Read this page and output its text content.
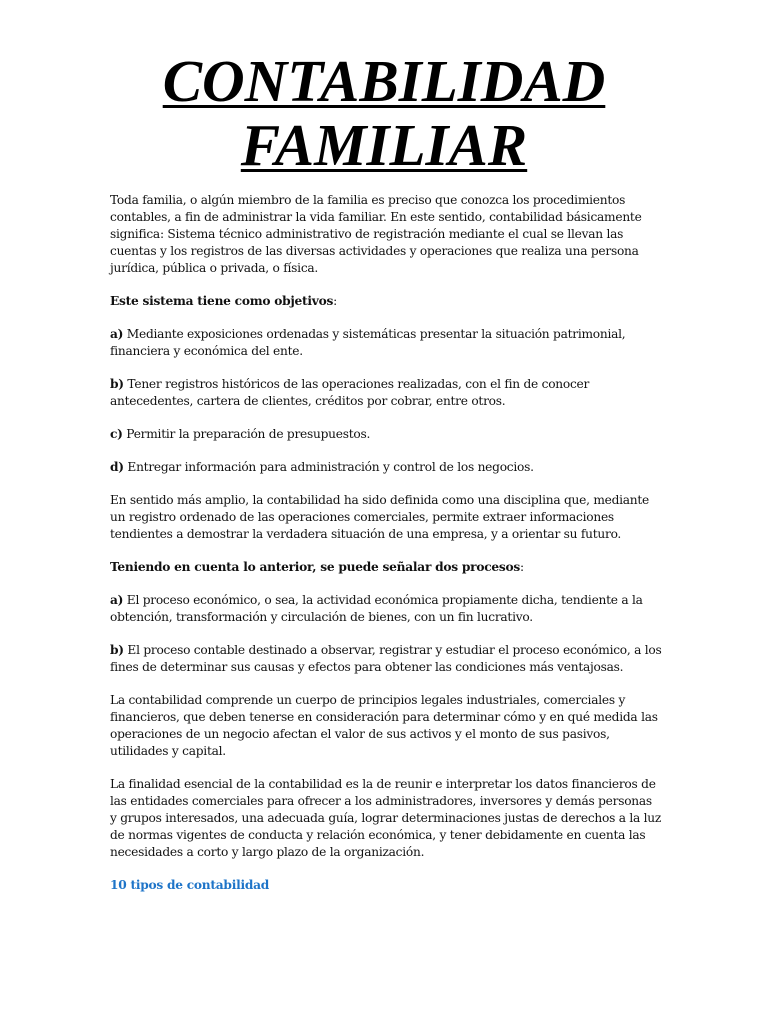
CONTABILIDAD
FAMILIAR

Toda familia, o algún miembro de la familia es preciso que conozca los procedimientos contables, a fin de administrar la vida familiar. En este sentido, contabilidad básicamente significa: Sistema técnico administrativo de registración mediante el cual se llevan las cuentas y los registros de las diversas actividades y operaciones que realiza una persona jurídica, pública o privada, o física.

Este sistema tiene como objetivos:

a) Mediante exposiciones ordenadas y sistemáticas presentar la situación patrimonial, financiera y económica del ente.

b) Tener registros históricos de las operaciones realizadas, con el fin de conocer antecedentes, cartera de clientes, créditos por cobrar, entre otros.

c) Permitir la preparación de presupuestos.

d) Entregar información para administración y control de los negocios.

En sentido más amplio, la contabilidad ha sido definida como una disciplina que, mediante un registro ordenado de las operaciones comerciales, permite extraer informaciones tendientes a demostrar la verdadera situación de una empresa, y a orientar su futuro.

Teniendo en cuenta lo anterior, se puede señalar dos procesos:

a) El proceso económico, o sea, la actividad económica propiamente dicha, tendiente a la obtención, transformación y circulación de bienes, con un fin lucrativo.

b) El proceso contable destinado a observar, registrar y estudiar el proceso económico, a los fines de determinar sus causas y efectos para obtener las condiciones más ventajosas.

La contabilidad comprende un cuerpo de principios legales industriales, comerciales y financieros, que deben tenerse en consideración para determinar cómo y en qué medida las operaciones de un negocio afectan el valor de sus activos y el monto de sus pasivos, utilidades y capital.

La finalidad esencial de la contabilidad es la de reunir e interpretar los datos financieros de las entidades comerciales para ofrecer a los administradores, inversores y demás personas y grupos interesados, una adecuada guía, lograr determinaciones justas de derechos a la luz de normas vigentes de conducta y relación económica, y tener debidamente en cuenta las necesidades a corto y largo plazo de la organización.

10 tipos de contabilidad
